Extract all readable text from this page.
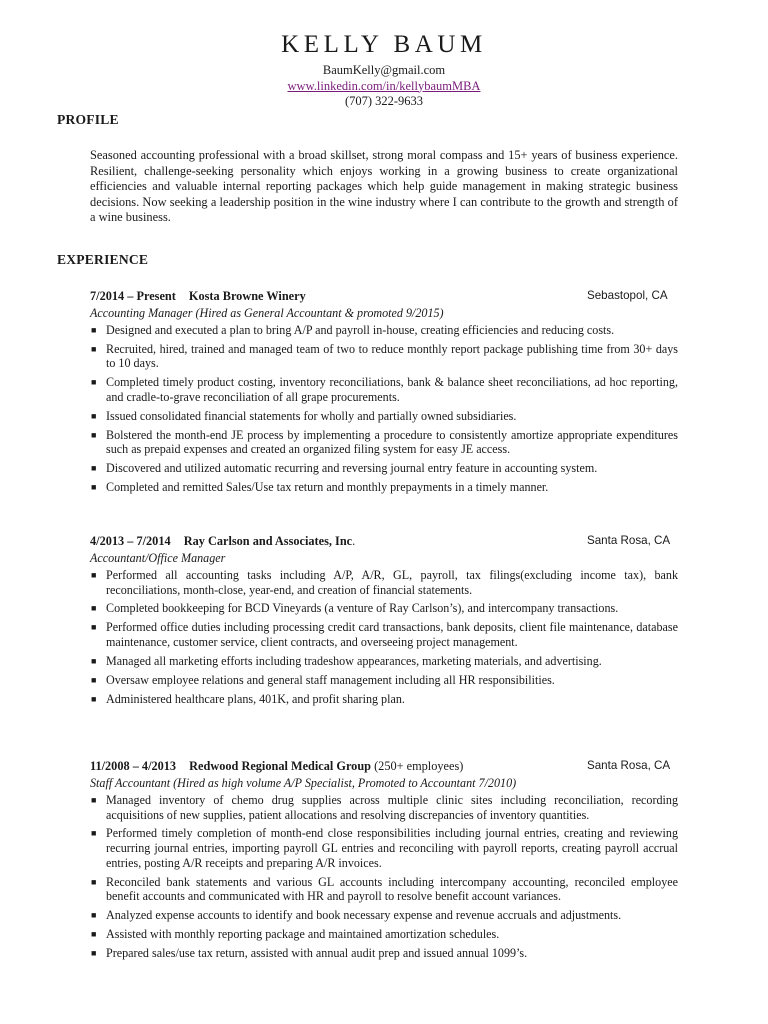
KELLY BAUM
BaumKelly@gmail.com
www.linkedin.com/in/kellybaumMBA
(707) 322-9633
PROFILE
Seasoned accounting professional with a broad skillset, strong moral compass and 15+ years of business experience. Resilient, challenge-seeking personality which enjoys working in a growing business to create organizational efficiencies and valuable internal reporting packages which help guide management in making strategic business decisions. Now seeking a leadership position in the wine industry where I can contribute to the growth and strength of a wine business.
EXPERIENCE
7/2014 – Present Kosta Browne Winery	Sebastopol, CA
Accounting Manager (Hired as General Accountant & promoted 9/2015)
■ Designed and executed a plan to bring A/P and payroll in-house, creating efficiencies and reducing costs.
■ Recruited, hired, trained and managed team of two to reduce monthly report package publishing time from 30+ days to 10 days.
■ Completed timely product costing, inventory reconciliations, bank & balance sheet reconciliations, ad hoc reporting, and cradle-to-grave reconciliation of all grape procurements.
■ Issued consolidated financial statements for wholly and partially owned subsidiaries.
■ Bolstered the month-end JE process by implementing a procedure to consistently amortize appropriate expenditures such as prepaid expenses and created an organized filing system for easy JE access.
■ Discovered and utilized automatic recurring and reversing journal entry feature in accounting system.
■ Completed and remitted Sales/Use tax return and monthly prepayments in a timely manner.
4/2013 – 7/2014 Ray Carlson and Associates, Inc.	Santa Rosa, CA
Accountant/Office Manager
■ Performed all accounting tasks including A/P, A/R, GL, payroll, tax filings(excluding income tax), bank reconciliations, month-close, year-end, and creation of financial statements.
■ Completed bookkeeping for BCD Vineyards (a venture of Ray Carlson’s), and intercompany transactions.
■ Performed office duties including processing credit card transactions, bank deposits, client file maintenance, database maintenance, customer service, client contracts, and overseeing project management.
■ Managed all marketing efforts including tradeshow appearances, marketing materials, and advertising.
■ Oversaw employee relations and general staff management including all HR responsibilities.
■ Administered healthcare plans, 401K, and profit sharing plan.
11/2008 – 4/2013 Redwood Regional Medical Group (250+ employees)	Santa Rosa, CA
Staff Accountant (Hired as high volume A/P Specialist, Promoted to Accountant 7/2010)
■ Managed inventory of chemo drug supplies across multiple clinic sites including reconciliation, recording acquisitions of new supplies, patient allocations and resolving discrepancies of inventory quantities.
■ Performed timely completion of month-end close responsibilities including journal entries, creating and reviewing recurring journal entries, importing payroll GL entries and reconciling with payroll reports, creating payroll accrual entries, posting A/R receipts and preparing A/R invoices.
■ Reconciled bank statements and various GL accounts including intercompany accounting, reconciled employee benefit accounts and communicated with HR and payroll to resolve benefit account variances.
■ Analyzed expense accounts to identify and book necessary expense and revenue accruals and adjustments.
■ Assisted with monthly reporting package and maintained amortization schedules.
■ Prepared sales/use tax return, assisted with annual audit prep and issued annual 1099’s.
